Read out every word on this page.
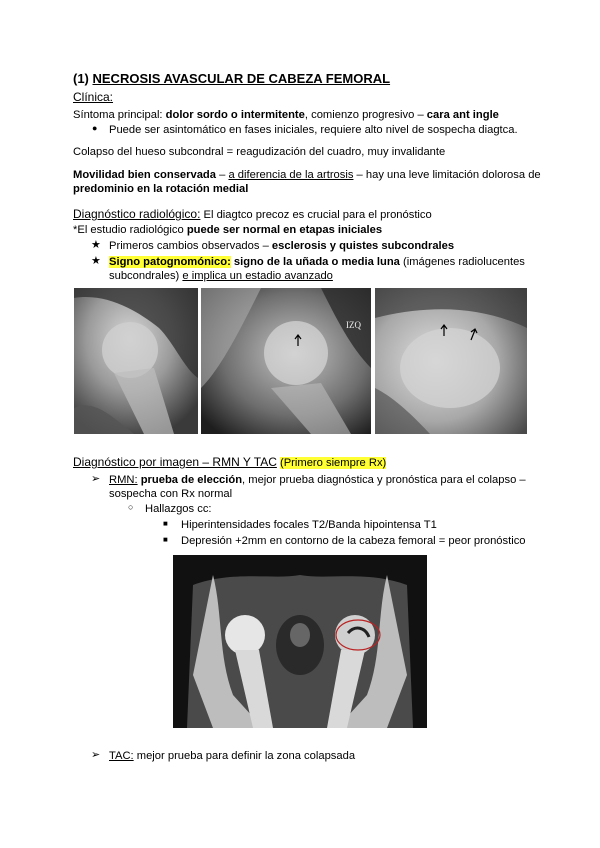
(1) NECROSIS AVASCULAR DE CABEZA FEMORAL
Clínica:
Síntoma principal: dolor sordo o intermitente, comienzo progresivo – cara ant ingle
● Puede ser asintomático en fases iniciales, requiere alto nivel de sospecha diagtca.
Colapso del hueso subcondral = reagudización del cuadro, muy invalidante
Movilidad bien conservada – a diferencia de la artrosis – hay una leve limitación dolorosa de
predominio en la rotación medial
Diagnóstico radiológico: El diagtco precoz es crucial para el pronóstico
*El estudio radiológico puede ser normal en etapas iniciales
★ Primeros cambios observados – esclerosis y quistes subcondrales
★ Signo patognomónico: signo de la uñada o media luna (imágenes radiolucentes
subcondrales) e implica un estadio avanzado
IZQ
Diagnóstico por imagen – RMN Y TAC (Primero siempre Rx)
➢ RMN: prueba de elección, mejor prueba diagnóstica y pronóstica para el colapso –
sospecha con Rx normal
○ Hallazgos cc:
■ Hiperintensidades focales T2/Banda hipointensa T1
■ Depresión +2mm en contorno de la cabeza femoral = peor pronóstico
➢ TAC: mejor prueba para definir la zona colapsada
